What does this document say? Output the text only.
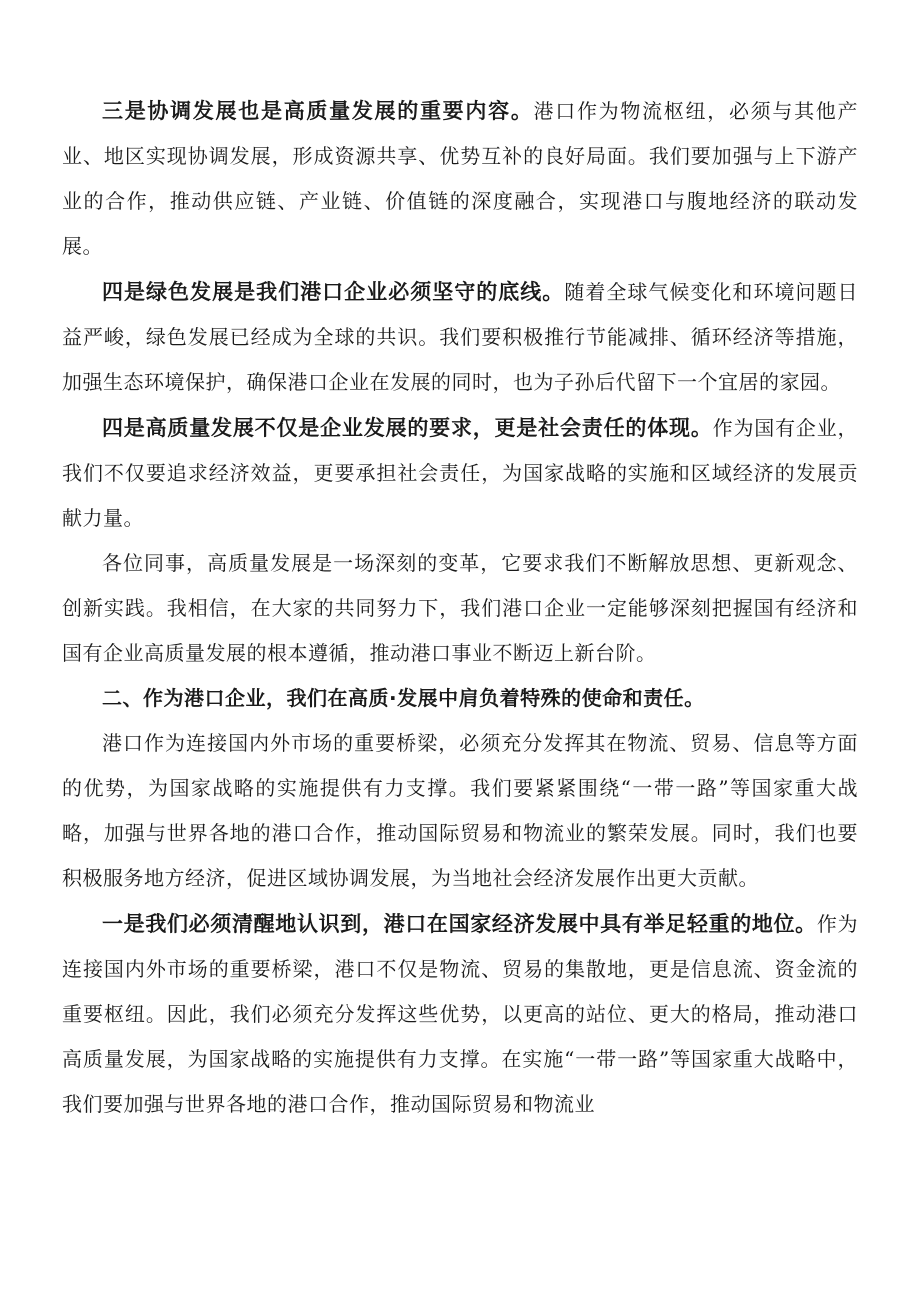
三是协调发展也是高质量发展的重要内容。港口作为物流枢纽，必须与其他产业、地区实现协调发展，形成资源共享、优势互补的良好局面。我们要加强与上下游产业的合作，推动供应链、产业链、价值链的深度融合，实现港口与腹地经济的联动发展。

四是绿色发展是我们港口企业必须坚守的底线。随着全球气候变化和环境问题日益严峻，绿色发展已经成为全球的共识。我们要积极推行节能减排、循环经济等措施，加强生态环境保护，确保港口企业在发展的同时，也为子孙后代留下一个宜居的家园。

四是高质量发展不仅是企业发展的要求，更是社会责任的体现。作为国有企业，我们不仅要追求经济效益，更要承担社会责任，为国家战略的实施和区域经济的发展贡献力量。

各位同事，高质量发展是一场深刻的变革，它要求我们不断解放思想、更新观念、创新实践。我相信，在大家的共同努力下，我们港口企业一定能够深刻把握国有经济和国有企业高质量发展的根本遵循，推动港口事业不断迈上新台阶。

二、作为港口企业，我们在高质·发展中肩负着特殊的使命和责任。

港口作为连接国内外市场的重要桥梁，必须充分发挥其在物流、贸易、信息等方面的优势，为国家战略的实施提供有力支撑。我们要紧紧围绕“一带一路”等国家重大战略，加强与世界各地的港口合作，推动国际贸易和物流业的繁荣发展。同时，我们也要积极服务地方经济，促进区域协调发展，为当地社会经济发展作出更大贡献。

一是我们必须清醒地认识到，港口在国家经济发展中具有举足轻重的地位。作为连接国内外市场的重要桥梁，港口不仅是物流、贸易的集散地，更是信息流、资金流的重要枢纽。因此，我们必须充分发挥这些优势，以更高的站位、更大的格局，推动港口高质量发展，为国家战略的实施提供有力支撑。在实施“一带一路”等国家重大战略中，我们要加强与世界各地的港口合作，推动国际贸易和物流业
